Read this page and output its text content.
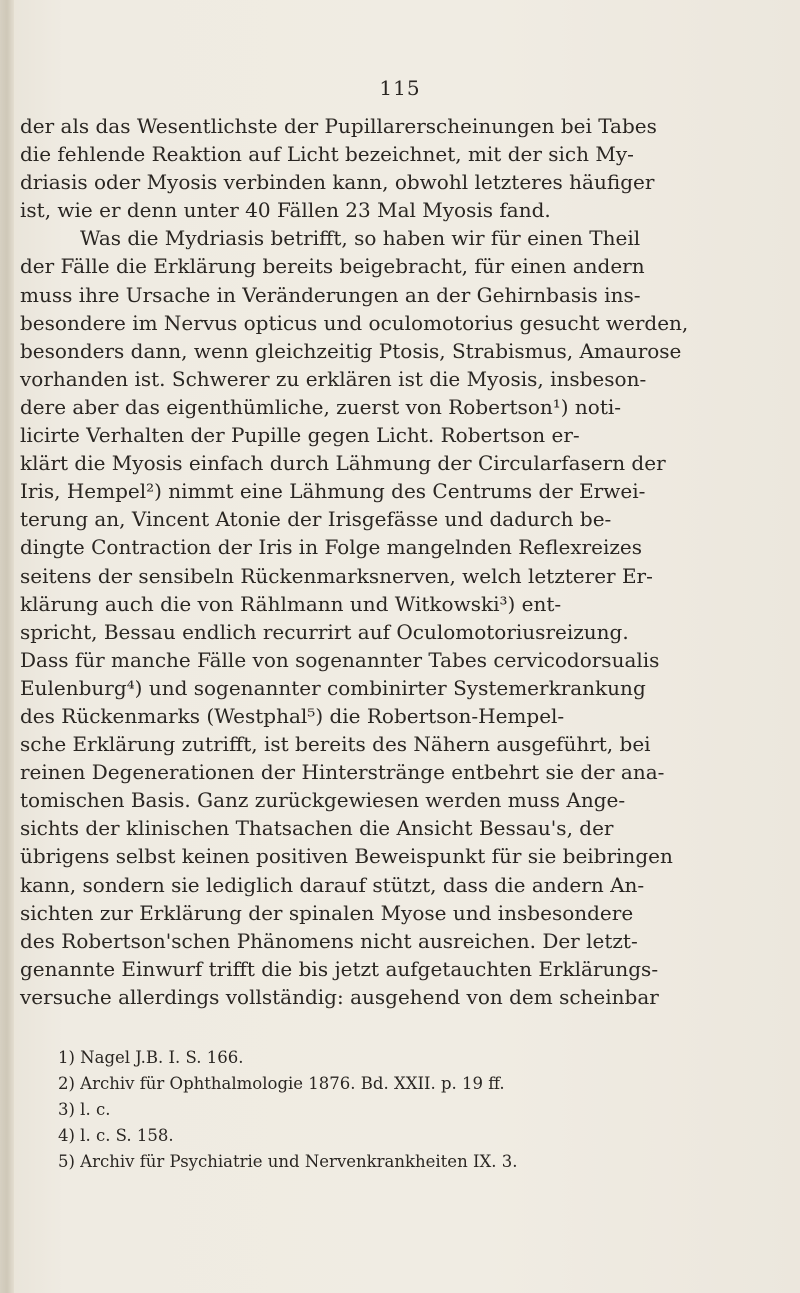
115
der als das Wesentlichste der Pupillarerscheinungen bei Tabes
die fehlende Reaktion auf Licht bezeichnet, mit der sich My-
driasis oder Myosis verbinden kann, obwohl letzteres häufiger
ist, wie er denn unter 40 Fällen 23 Mal Myosis fand.
Was die Mydriasis betrifft, so haben wir für einen Theil
der Fälle die Erklärung bereits beigebracht, für einen andern
muss ihre Ursache in Veränderungen an der Gehirnbasis ins-
besondere im Nervus opticus und oculomotorius gesucht werden,
besonders dann, wenn gleichzeitig Ptosis, Strabismus, Amaurose
vorhanden ist. Schwerer zu erklären ist die Myosis, insbeson-
dere aber das eigenthümliche, zuerst von Robertson¹) noti-
licirte Verhalten der Pupille gegen Licht. Robertson er-
klärt die Myosis einfach durch Lähmung der Circularfasern der
Iris, Hempel²) nimmt eine Lähmung des Centrums der Erwei-
terung an, Vincent Atonie der Irisgefässe und dadurch be-
dingte Contraction der Iris in Folge mangelnden Reflexreizes
seitens der sensibeln Rückenmarksnerven, welch letzterer Er-
klärung auch die von Rählmann und Witkowski³) ent-
spricht, Bessau endlich recurrirt auf Oculomotoriusreizung.
Dass für manche Fälle von sogenannter Tabes cervicodorsualis
Eulenburg⁴) und sogenannter combinirter Systemerkrankung
des Rückenmarks (Westphal⁵) die Robertson-Hempel-
sche Erklärung zutrifft, ist bereits des Nähern ausgeführt, bei
reinen Degenerationen der Hinterstränge entbehrt sie der ana-
tomischen Basis. Ganz zurückgewiesen werden muss Ange-
sichts der klinischen Thatsachen die Ansicht Bessau's, der
übrigens selbst keinen positiven Beweispunkt für sie beibringen
kann, sondern sie lediglich darauf stützt, dass die andern An-
sichten zur Erklärung der spinalen Myose und insbesondere
des Robertson'schen Phänomens nicht ausreichen. Der letzt-
genannte Einwurf trifft die bis jetzt aufgetauchten Erklärungs-
versuche allerdings vollständig: ausgehend von dem scheinbar
1) Nagel J.B. I. S. 166.
2) Archiv für Ophthalmologie 1876. Bd. XXII. p. 19 ff.
3) l. c.
4) l. c. S. 158.
5) Archiv für Psychiatrie und Nervenkrankheiten IX. 3.
